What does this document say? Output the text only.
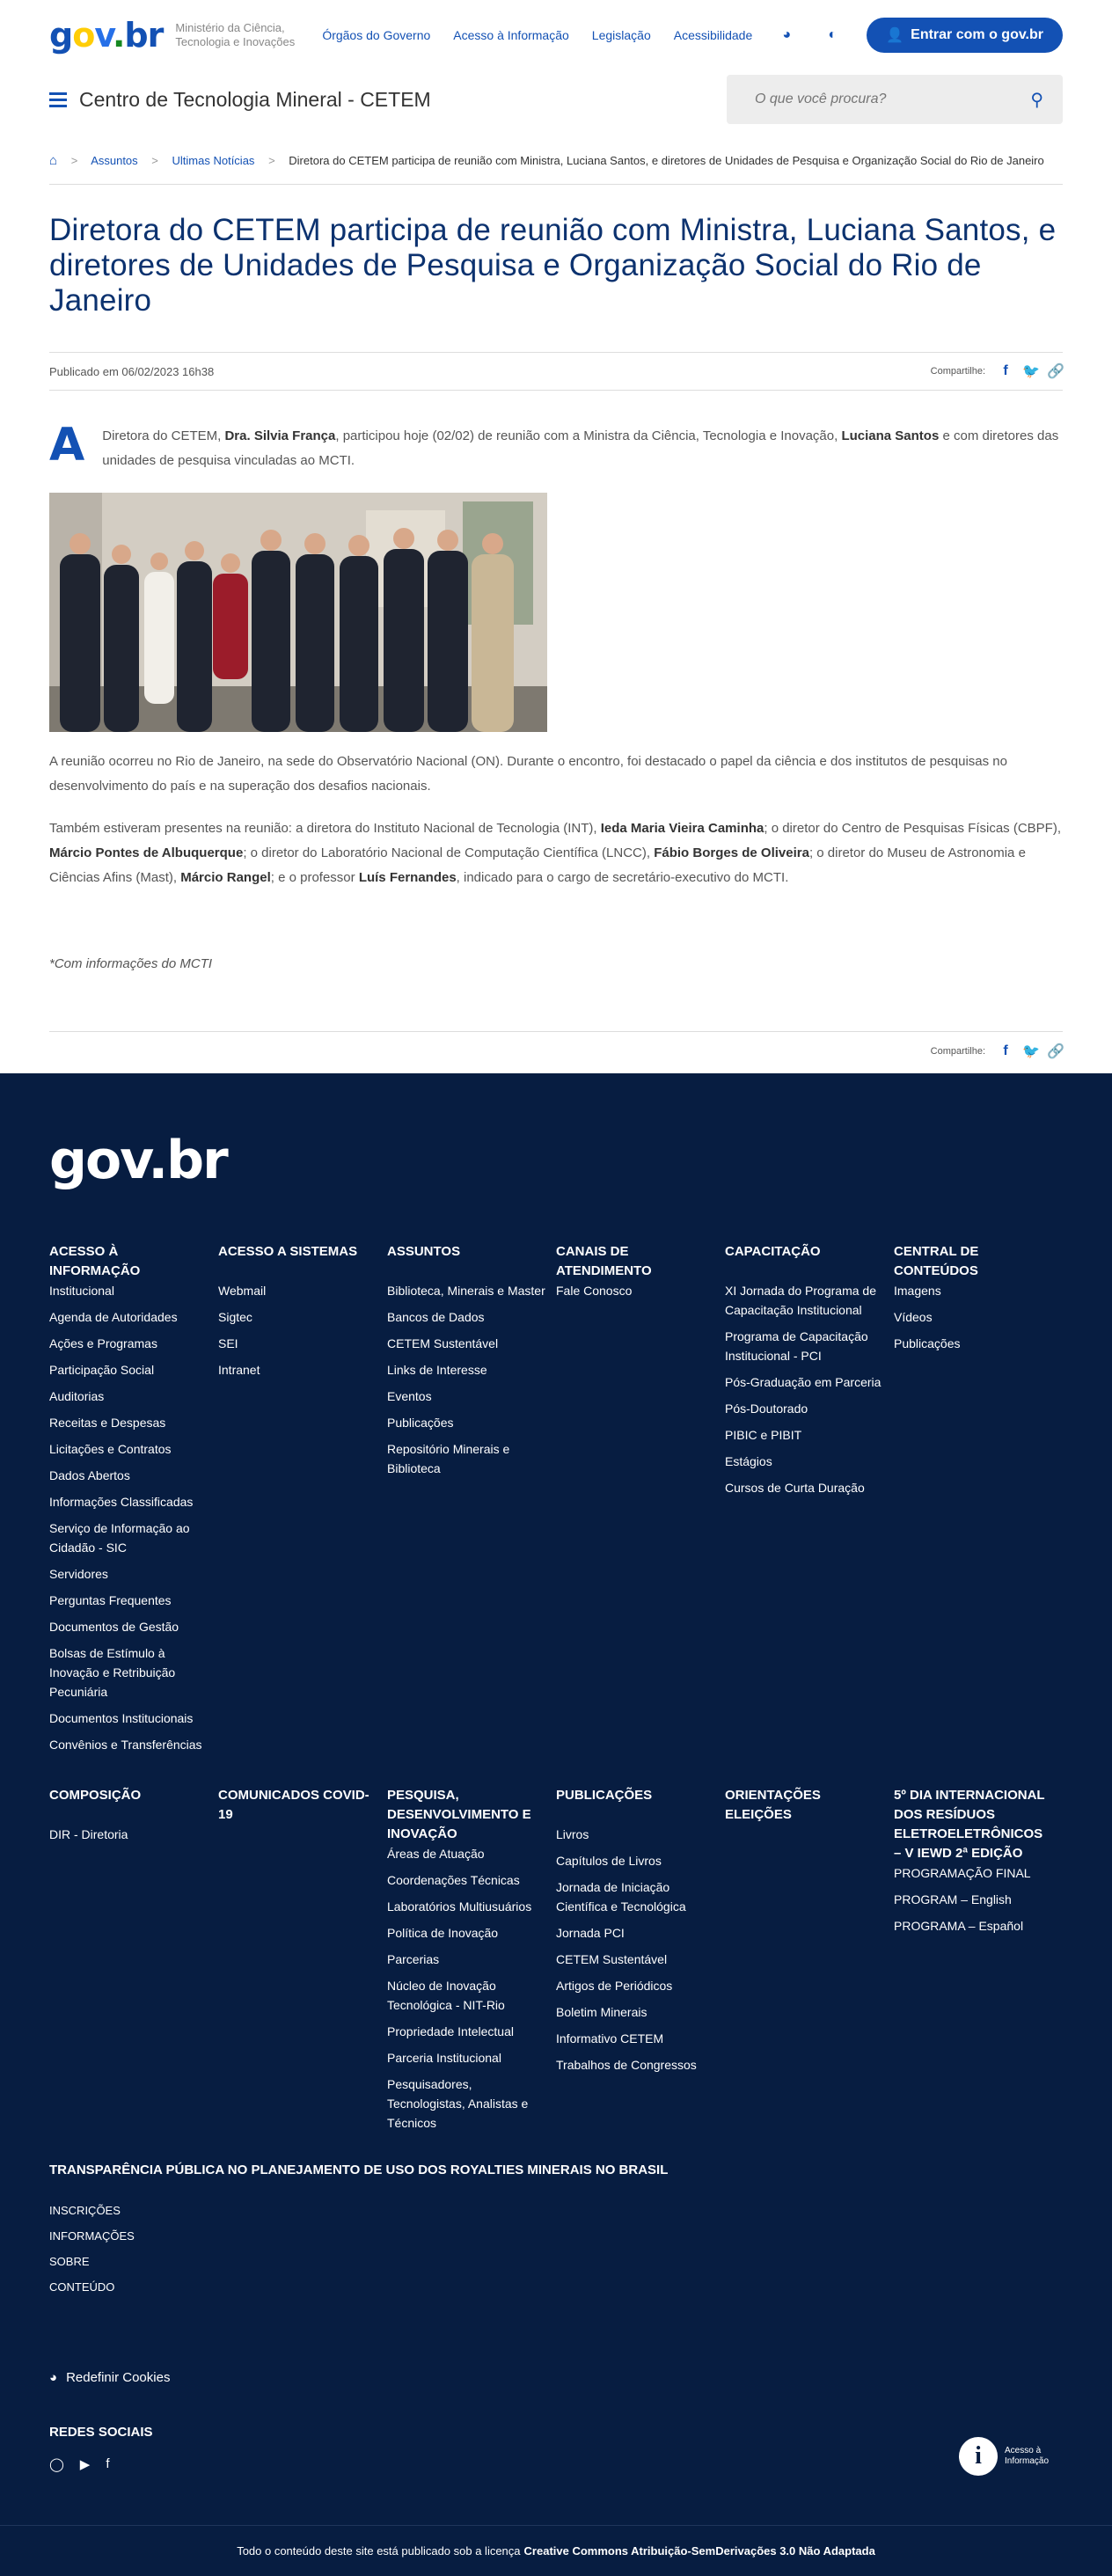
gov.br Ministério da Ciência, Tecnologia e Inovações	Órgãos do Governo Acesso à Informação Legislação Acessibilidade	◕	◐	👤 Entrar com o gov.br
Centro de Tecnologia Mineral - CETEM
O que você procura?	⚲
⌂ > Assuntos > Ultimas Notícias > Diretora do CETEM participa de reunião com Ministra, Luciana Santos, e diretores de Unidades de Pesquisa e Organização Social do Rio de Janeiro
Diretora do CETEM participa de reunião com Ministra, Luciana Santos, e diretores de Unidades de Pesquisa e Organização Social do Rio de Janeiro
Publicado em 06/02/2023 16h38	Compartilhe:	f	🐦 🔗
A Diretora do CETEM, Dra. Silvia França, participou hoje (02/02) de reunião com a Ministra da Ciência, Tecnologia e Inovação, Luciana Santos e com diretores das unidades de pesquisa vinculadas ao MCTI.

A reunião ocorreu no Rio de Janeiro, na sede do Observatório Nacional (ON). Durante o encontro, foi destacado o papel da ciência e dos institutos de pesquisas no desenvolvimento do país e na superação dos desafios nacionais.

Também estiveram presentes na reunião: a diretora do Instituto Nacional de Tecnologia (INT), Ieda Maria Vieira Caminha; o diretor do Centro de Pesquisas Físicas (CBPF), Márcio Pontes de Albuquerque; o diretor do Laboratório Nacional de Computação Científica (LNCC), Fábio Borges de Oliveira; o diretor do Museu de Astronomia e Ciências Afins (Mast), Márcio Rangel; e o professor Luís Fernandes, indicado para o cargo de secretário-executivo do MCTI.

*Com informações do MCTI

Compartilhe:	f	🐦 🔗
gov.br
ACESSO À INFORMAÇÃO
Institucional
Agenda de Autoridades
Ações e Programas
Participação Social
Auditorias
Receitas e Despesas
Licitações e Contratos
Dados Abertos
Informações Classificadas
Serviço de Informação ao Cidadão - SIC
Servidores
Perguntas Frequentes
Documentos de Gestão
Bolsas de Estímulo à Inovação e Retribuição Pecuniária
Documentos Institucionais
Convênios e Transferências
ACESSO A SISTEMAS
Webmail
Sigtec
SEI
Intranet
ASSUNTOS
Biblioteca, Minerais e Master
Bancos de Dados
CETEM Sustentável
Links de Interesse
Eventos
Publicações
Repositório Minerais e Biblioteca
CANAIS DE ATENDIMENTO
Fale Conosco
CAPACITAÇÃO
XI Jornada do Programa de Capacitação Institucional
Programa de Capacitação Institucional - PCI
Pós-Graduação em Parceria
Pós-Doutorado
PIBIC e PIBIT
Estágios
Cursos de Curta Duração
CENTRAL DE CONTEÚDOS
Imagens
Vídeos
Publicações
COMPOSIÇÃO
DIR - Diretoria
COMUNICADOS COVID-19
PESQUISA, DESENVOLVIMENTO E INOVAÇÃO
Áreas de Atuação
Coordenações Técnicas
Laboratórios Multiusuários
Política de Inovação
Parcerias
Núcleo de Inovação Tecnológica - NIT-Rio
Propriedade Intelectual
Parceria Institucional
Pesquisadores, Tecnologistas, Analistas e Técnicos
PUBLICAÇÕES
Livros
Capítulos de Livros
Jornada de Iniciação Científica e Tecnológica
Jornada PCI
CETEM Sustentável
Artigos de Periódicos
Boletim Minerais
Informativo CETEM
Trabalhos de Congressos
ORIENTAÇÕES ELEIÇÕES
5º DIA INTERNACIONAL DOS RESÍDUOS ELETROELETRÔNICOS – V IEWD 2ª EDIÇÃO
PROGRAMAÇÃO FINAL
PROGRAM – English
PROGRAMA – Español
TRANSPARÊNCIA PÚBLICA NO PLANEJAMENTO DE USO DOS ROYALTIES MINERAIS NO BRASIL
INSCRIÇÕES
INFORMAÇÕES
SOBRE
CONTEÚDO
◕ Redefinir Cookies
REDES SOCIAIS
◯ ▶ f	i	Acesso à Informação
Todo o conteúdo deste site está publicado sob a licença Creative Commons Atribuição-SemDerivações 3.0 Não Adaptada
